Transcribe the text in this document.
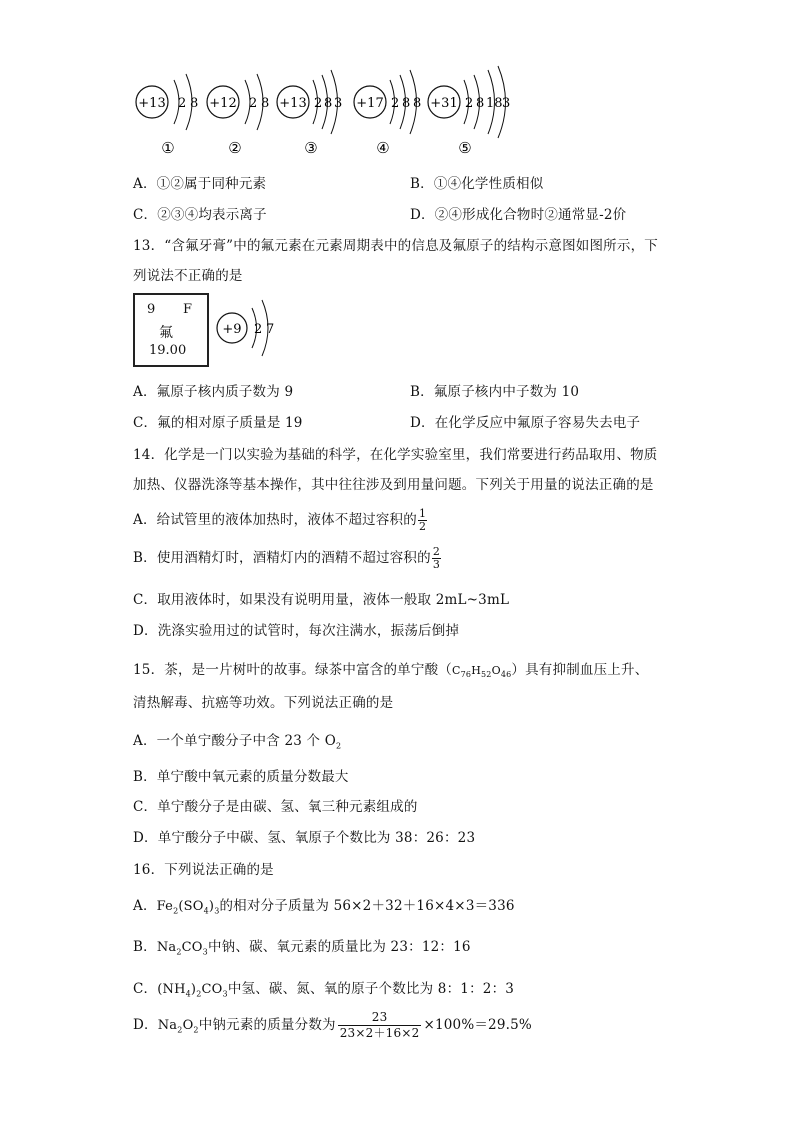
+13 2 8
①
+12 2 8
②
+13 2 8 3
③
+17 2 8 8
④
+31 2 8 18 3
⑤
A．①②属于同种元素	B．①④化学性质相似
C．②③④均表示离子	D．②④形成化合物时②通常显-2价
13．“含氟牙膏”中的氟元素在元素周期表中的信息及氟原子的结构示意图如图所示，下
列说法不正确的是
9 F
氟
19.00
+9 2 7
A．氟原子核内质子数为 9	B．氟原子核内中子数为 10
C．氟的相对原子质量是 19	D．在化学反应中氟原子容易失去电子
14．化学是一门以实验为基础的科学，在化学实验室里，我们常要进行药品取用、物质
加热、仪器洗涤等基本操作，其中往往涉及到用量问题。下列关于用量的说法正确的是
A．给试管里的液体加热时，液体不超过容积的 $\frac{1}{2}$
B．使用酒精灯时，酒精灯内的酒精不超过容积的 $\frac{2}{3}$
C．取用液体时，如果没有说明用量，液体一般取 2mL~3mL
D．洗涤实验用过的试管时，每次注满水，振荡后倒掉
15．茶，是一片树叶的故事。绿茶中富含的单宁酸$(C_{76}H_{52}O_{46})$具有抑制血压上升、
清热解毒、抗癌等功效。下列说法正确的是
A．一个单宁酸分子中含 23 个 $O_2$
B．单宁酸中氧元素的质量分数最大
C．单宁酸分子是由碳、氢、氧三种元素组成的
D．单宁酸分子中碳、氢、氧原子个数比为 38：26：23
16．下列说法正确的是
A．$Fe_2(SO_4)_3$的相对分子质量为 56×2＋32＋16×4×3＝336
B．$Na_2CO_3$中钠、碳、氧元素的质量比为 23：12：16
C．$(NH_4)_2CO_3$中氢、碳、氮、氧的原子个数比为 8：1：2：3
D．$Na_2O_2$中钠元素的质量分数为 $\frac{23}{23\times 2+16\times 2} \times 100\%=29.5\%$
